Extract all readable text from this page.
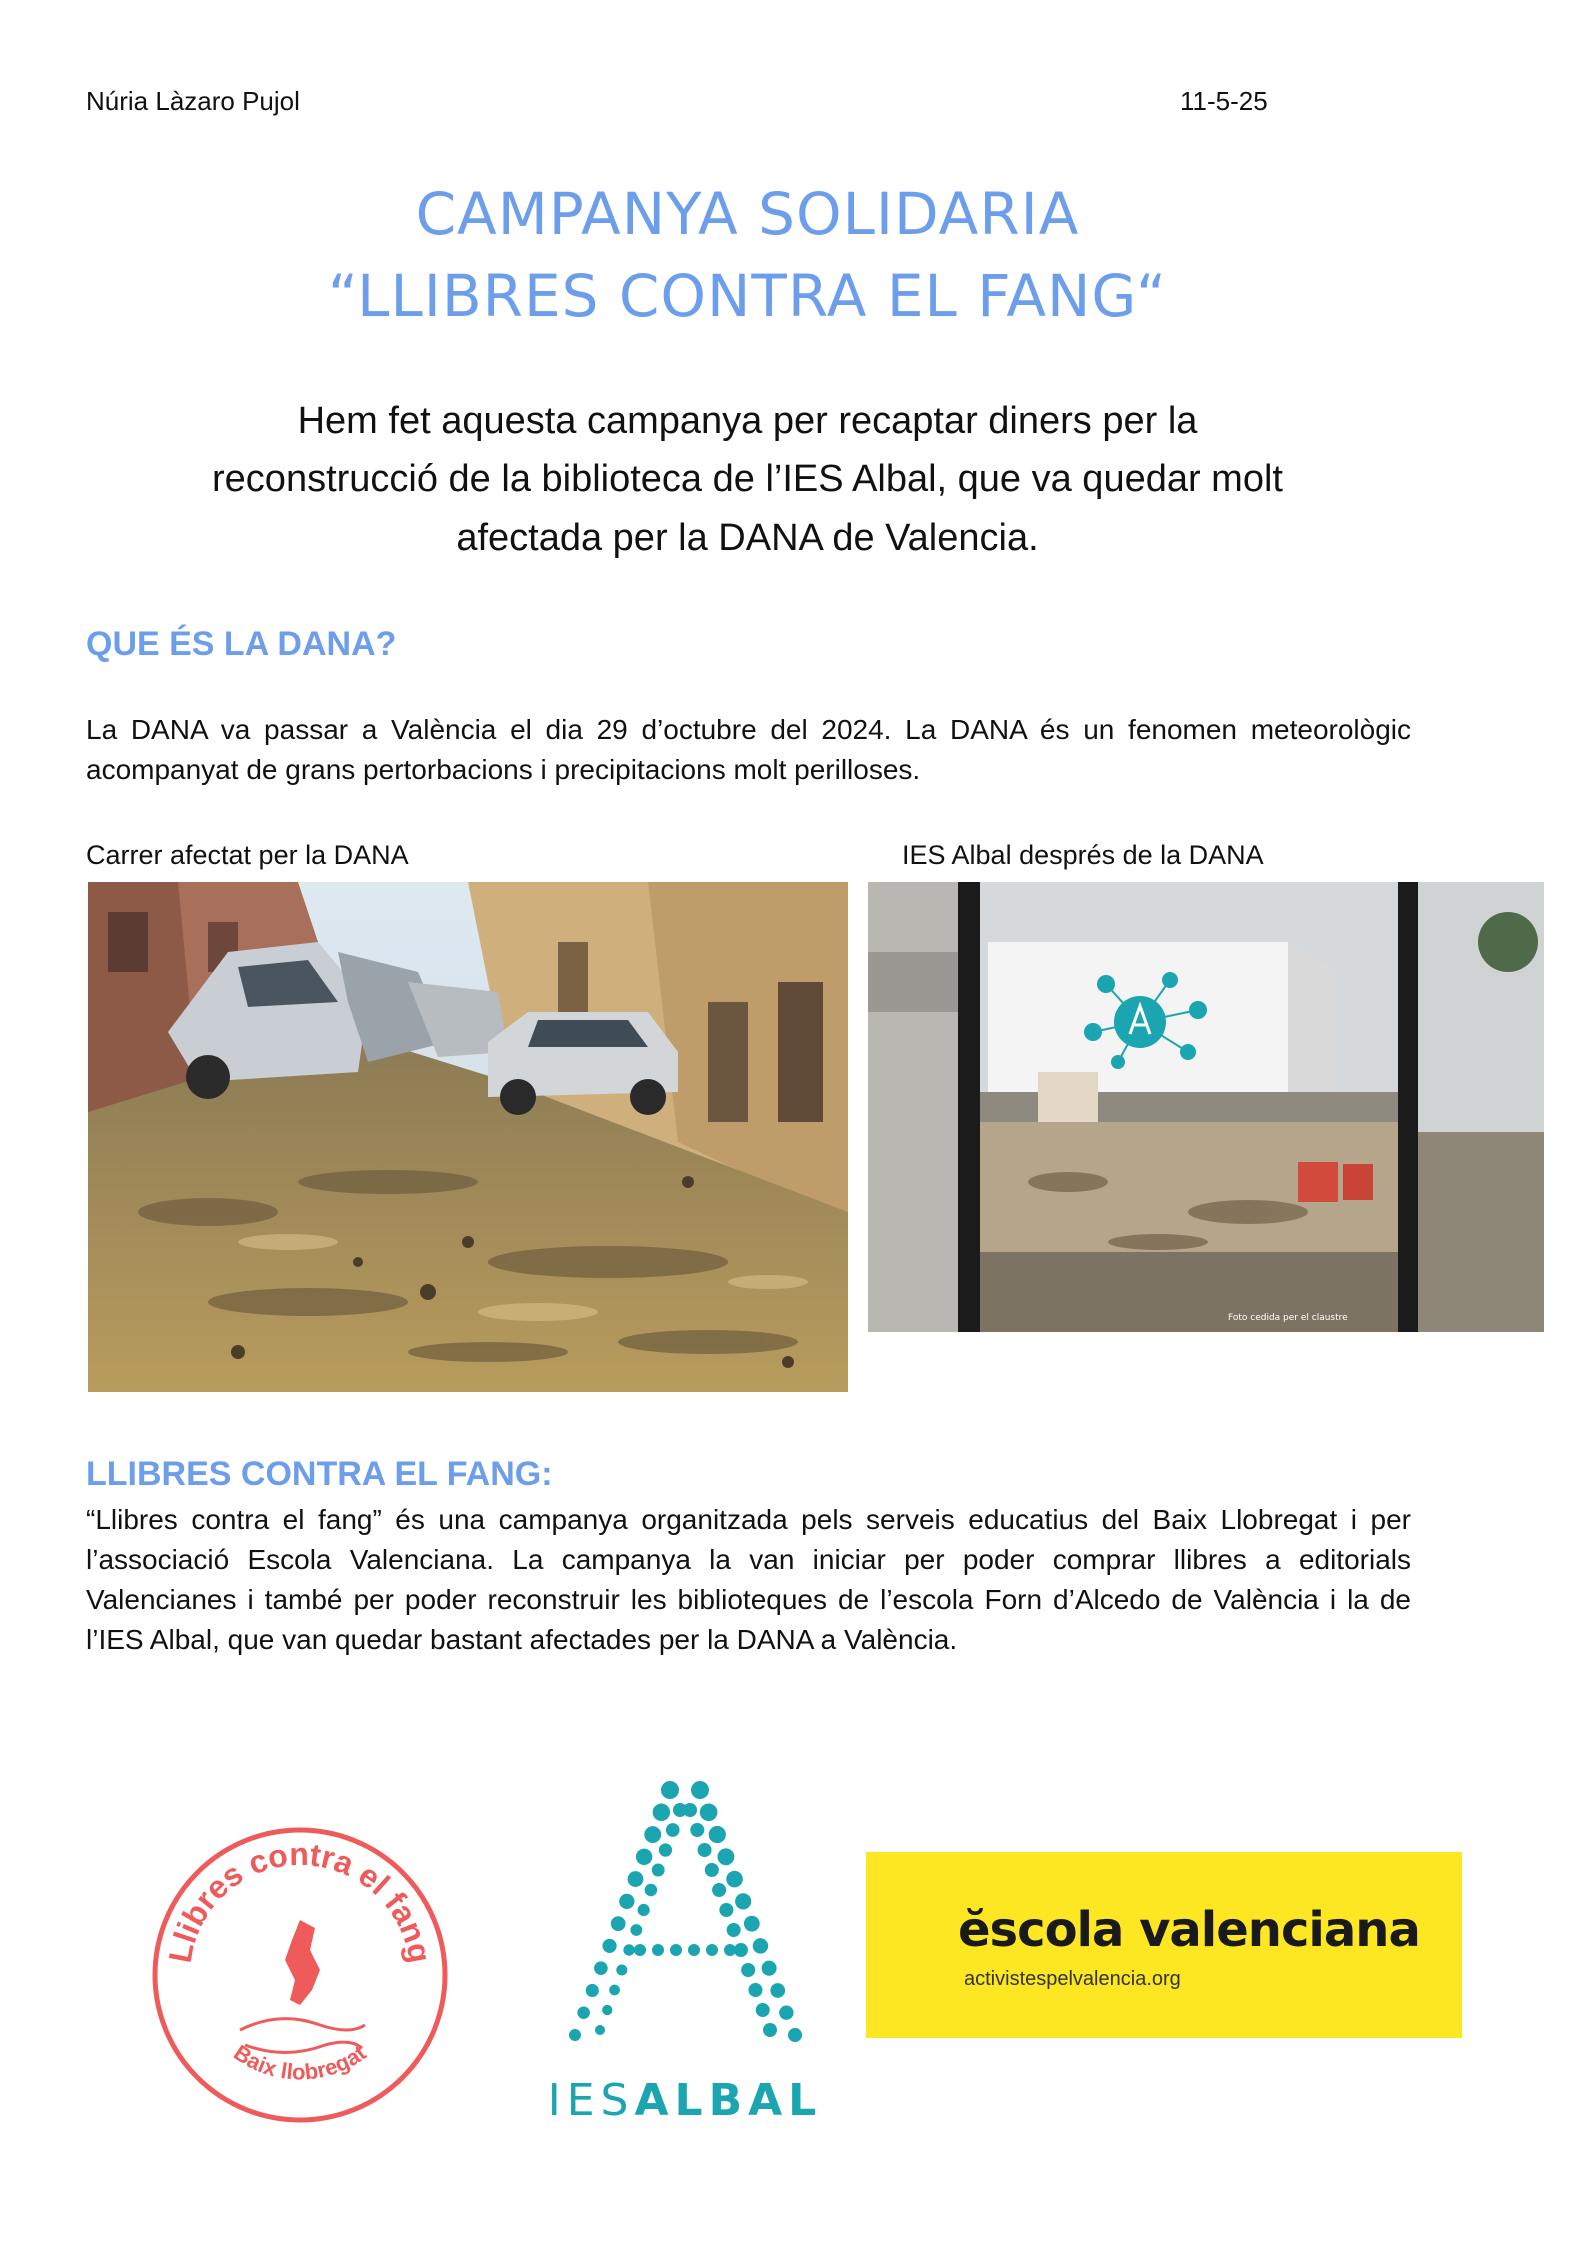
Núria Làzaro Pujol	11-5-25
CAMPANYA SOLIDARIA
“LLIBRES CONTRA EL FANG“
Hem fet aquesta campanya per recaptar diners per la
reconstrucció de la biblioteca de l’IES Albal, que va quedar molt
afectada per la DANA de Valencia.
QUE ÉS LA DANA?
La DANA va passar a València el dia 29 d’octubre del 2024. La DANA és un fenomen meteorològic acompanyat de grans pertorbacions i precipitacions molt perilloses.
Carrer afectat per la DANA	IES Albal després de la DANA
Foto cedida per el claustre
LLIBRES CONTRA EL FANG:
“Llibres contra el fang” és una campanya organitzada pels serveis educatius del Baix Llobregat i per l’associació Escola Valenciana. La campanya la van iniciar per poder comprar llibres a editorials Valencianes i també per poder reconstruir les biblioteques de l’escola Forn d’Alcedo de València i la de l’IES Albal, que van quedar bastant afectades per la DANA a València.
Llibres contra el fang
Baix llobregat
IESALBAL
ĕscola valenciana
activistespelvalencia.org
